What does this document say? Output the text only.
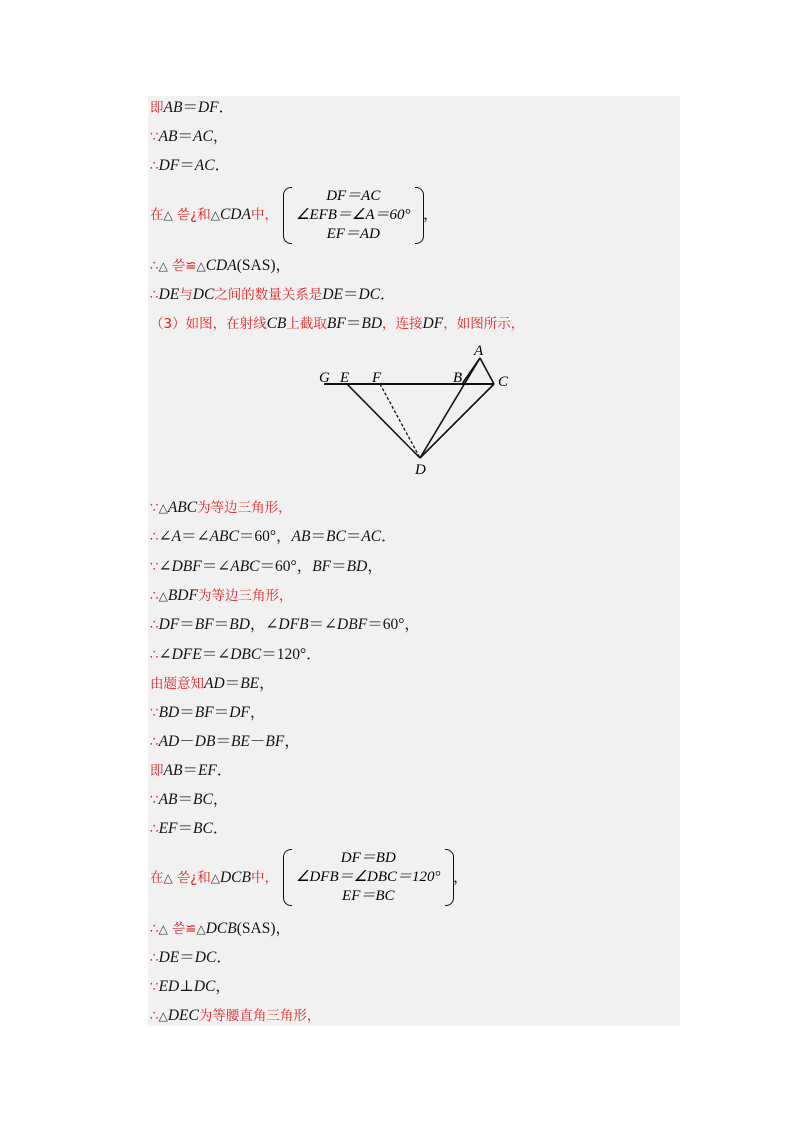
即AB＝DF．
∵AB＝AC，
∴DF＝AC．
在△ 쓷¿和△CDA中，
DF＝AC
∠EFB＝∠A＝60°
EF＝AD
，
∴△ 쓷≌△CDA(SAS)，
∴DE与DC之间的数量关系是DE＝DC．
（3）如图，在射线CB上截取BF＝BD，连接DF，如图所示，
G E F	B
A
C
D
∵△ABC为等边三角形，
∴∠A＝∠ABC＝60°，AB＝BC＝AC．
∵∠DBF＝∠ABC＝60°，BF＝BD，
∴△BDF为等边三角形，
∴DF＝BF＝BD，∠DFB＝∠DBF＝60°，
∴∠DFE＝∠DBC＝120°．
由题意知AD＝BE，
∵BD＝BF＝DF，
∴AD－DB＝BE－BF，
即AB＝EF．
∵AB＝BC，
∴EF＝BC．
在△ 쓷¿和△DCB中，
DF＝BD
∠DFB＝∠DBC＝120°
EF＝BC
，
∴△ 쓷≌△DCB(SAS)，
∴DE＝DC．
∵ED⊥DC，
∴△DEC为等腰直角三角形，
